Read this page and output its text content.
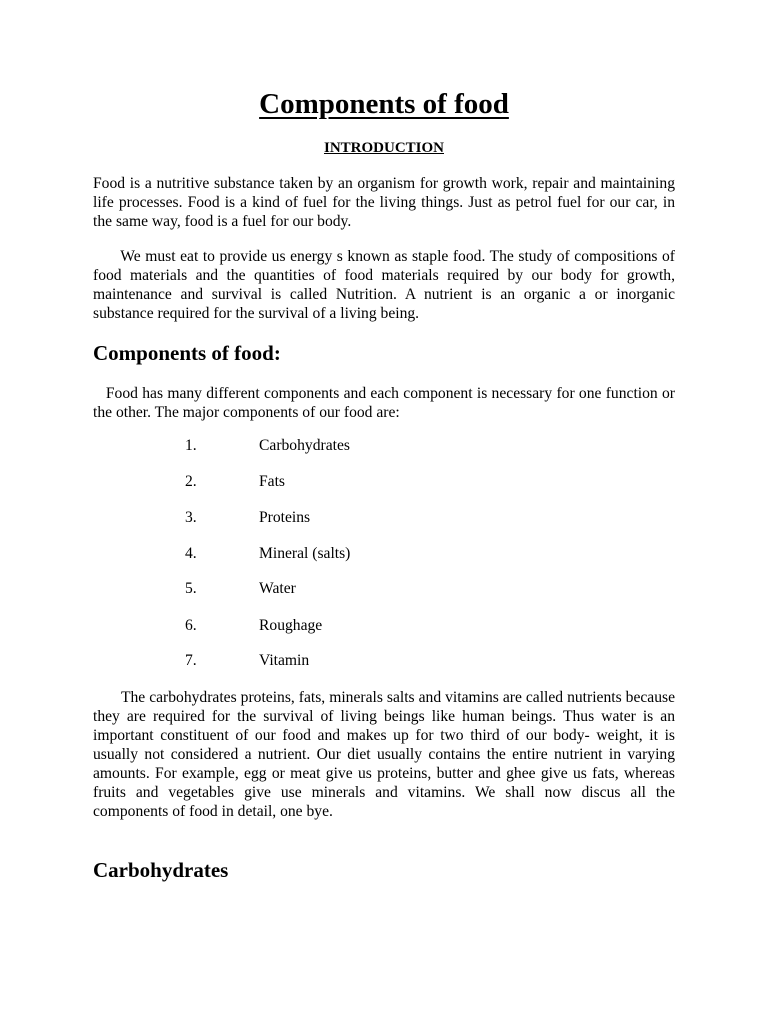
Components of food
INTRODUCTION

Food is a nutritive substance taken by an organism for growth work, repair and maintaining life processes. Food is a kind of fuel for the living things. Just as petrol fuel for our car, in the same way, food is a fuel for our body.

We must eat to provide us energy s known as staple food. The study of compositions of food materials and the quantities of food materials required by our body for growth, maintenance and survival is called Nutrition. A nutrient is an organic a or inorganic substance required for the survival of a living being.

Components of food:

Food has many different components and each component is necessary for one function or the other. The major components of our food are:

1.	Carbohydrates
2.	Fats
3.	Proteins
4.	Mineral (salts)
5.	Water
6.	Roughage
7.	Vitamin

The carbohydrates proteins, fats, minerals salts and vitamins are called nutrients because they are required for the survival of living beings like human beings. Thus water is an important constituent of our food and makes up for two third of our body- weight, it is usually not considered a nutrient. Our diet usually contains the entire nutrient in varying amounts. For example, egg or meat give us proteins, butter and ghee give us fats, whereas fruits and vegetables give use minerals and vitamins. We shall now discus all the components of food in detail, one bye.

Carbohydrates
